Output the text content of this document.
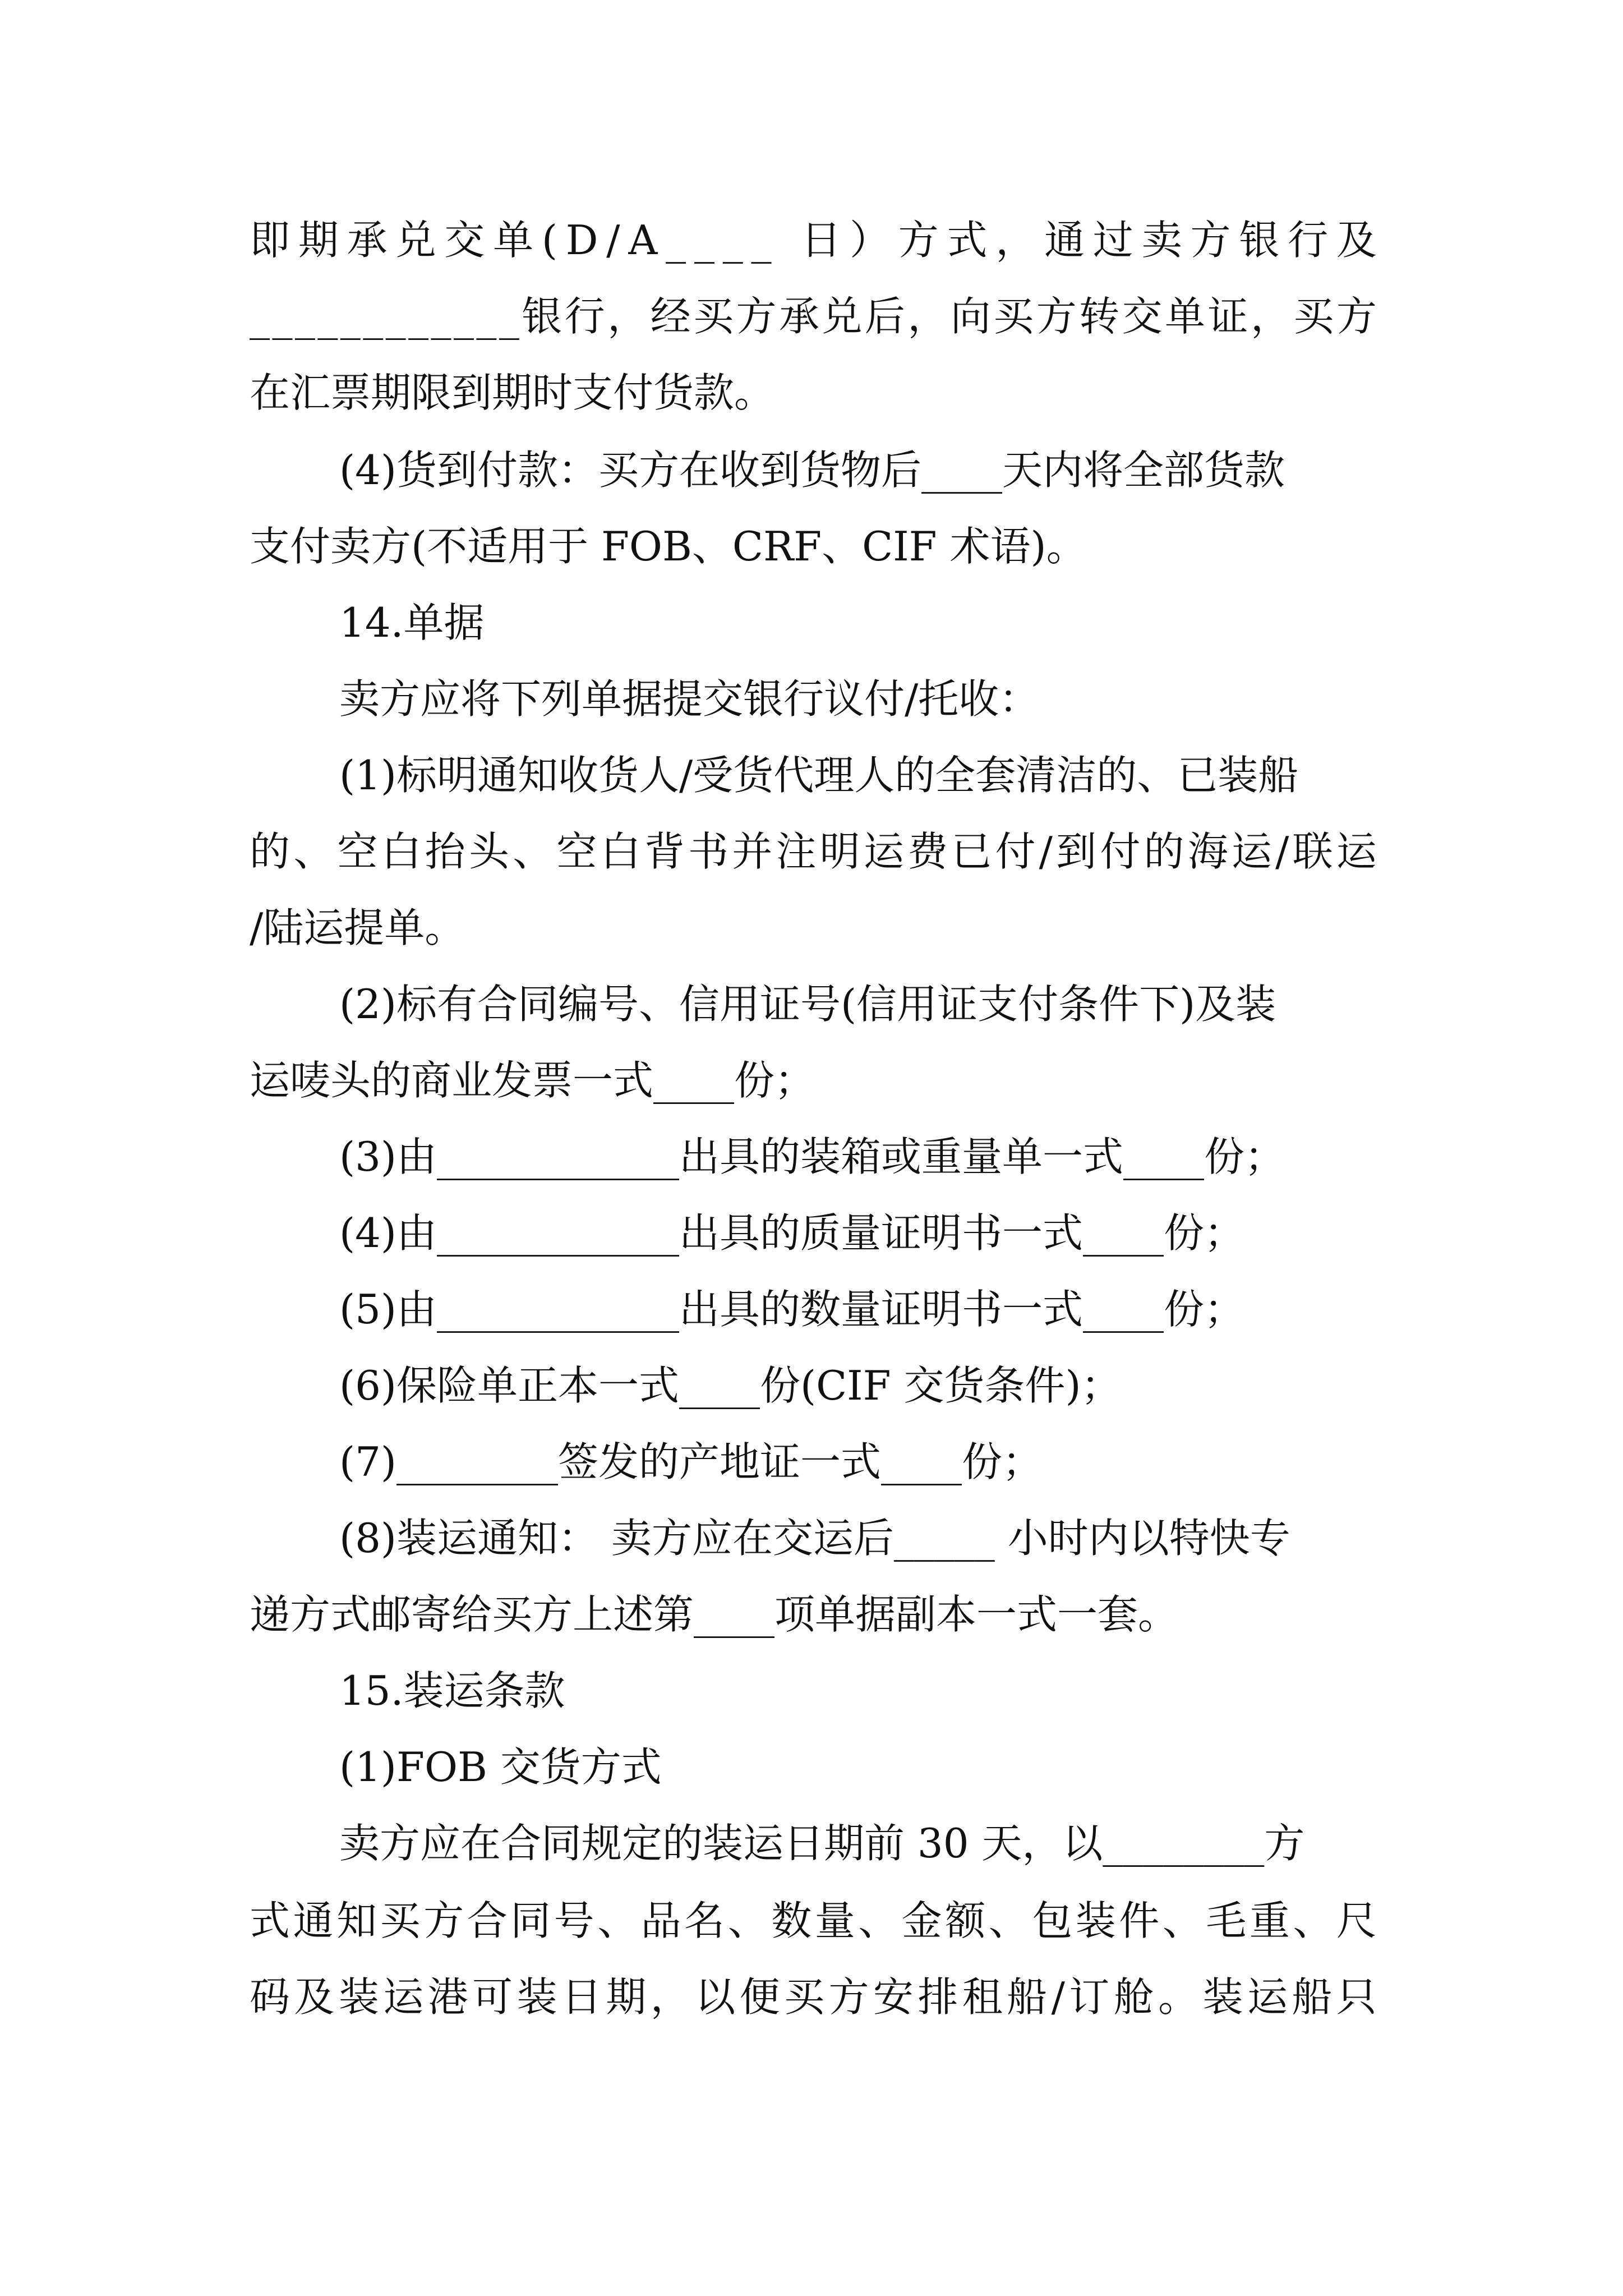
即 期 承 兑 交 单 ( D / A _ _ _ _
日 ） 方 式 ， 通 过 卖 方 银 行 及
_ _ _ _ _ _ _ _ _ _ _ _ 银 行 ， 经 买 方 承 兑 后 ， 向 买 方 转 交 单 证 ， 买 方
在汇票期限到期时支付货款。
(4)货到付款：买方在收到货物后____天内将全部货款
支付卖方(不适用于 FOB、CRF、CIF 术语)。
14.单据
卖方应将下列单据提交银行议付/托收：
(1)标明通知收货人/受货代理人的全套清洁的、已装船
的 、 空 白 抬 头 、 空 白 背 书 并 注 明 运 费 已 付 / 到 付 的 海 运 / 联 运
/陆运提单。
(2)标有合同编号、信用证号(信用证支付条件下)及装
运唛头的商业发票一式____份；
(3)由____________出具的装箱或重量单一式____份；
(4)由____________出具的质量证明书一式____份；
(5)由____________出具的数量证明书一式____份；
(6)保险单正本一式____份(CIF 交货条件)；
(7)________签发的产地证一式____份；
(8)装运通知： 卖方应在交运后_____ 小时内以特快专
递方式邮寄给买方上述第____项单据副本一式一套。
15.装运条款
(1)FOB 交货方式
卖方应在合同规定的装运日期前 30 天，以________方
式 通 知 买 方 合 同 号 、 品 名 、 数 量 、 金 额 、 包 装 件 、 毛 重 、 尺
码 及 装 运 港 可 装 日 期 ， 以 便 买 方 安 排 租 船 / 订 舱 。 装 运 船 只
